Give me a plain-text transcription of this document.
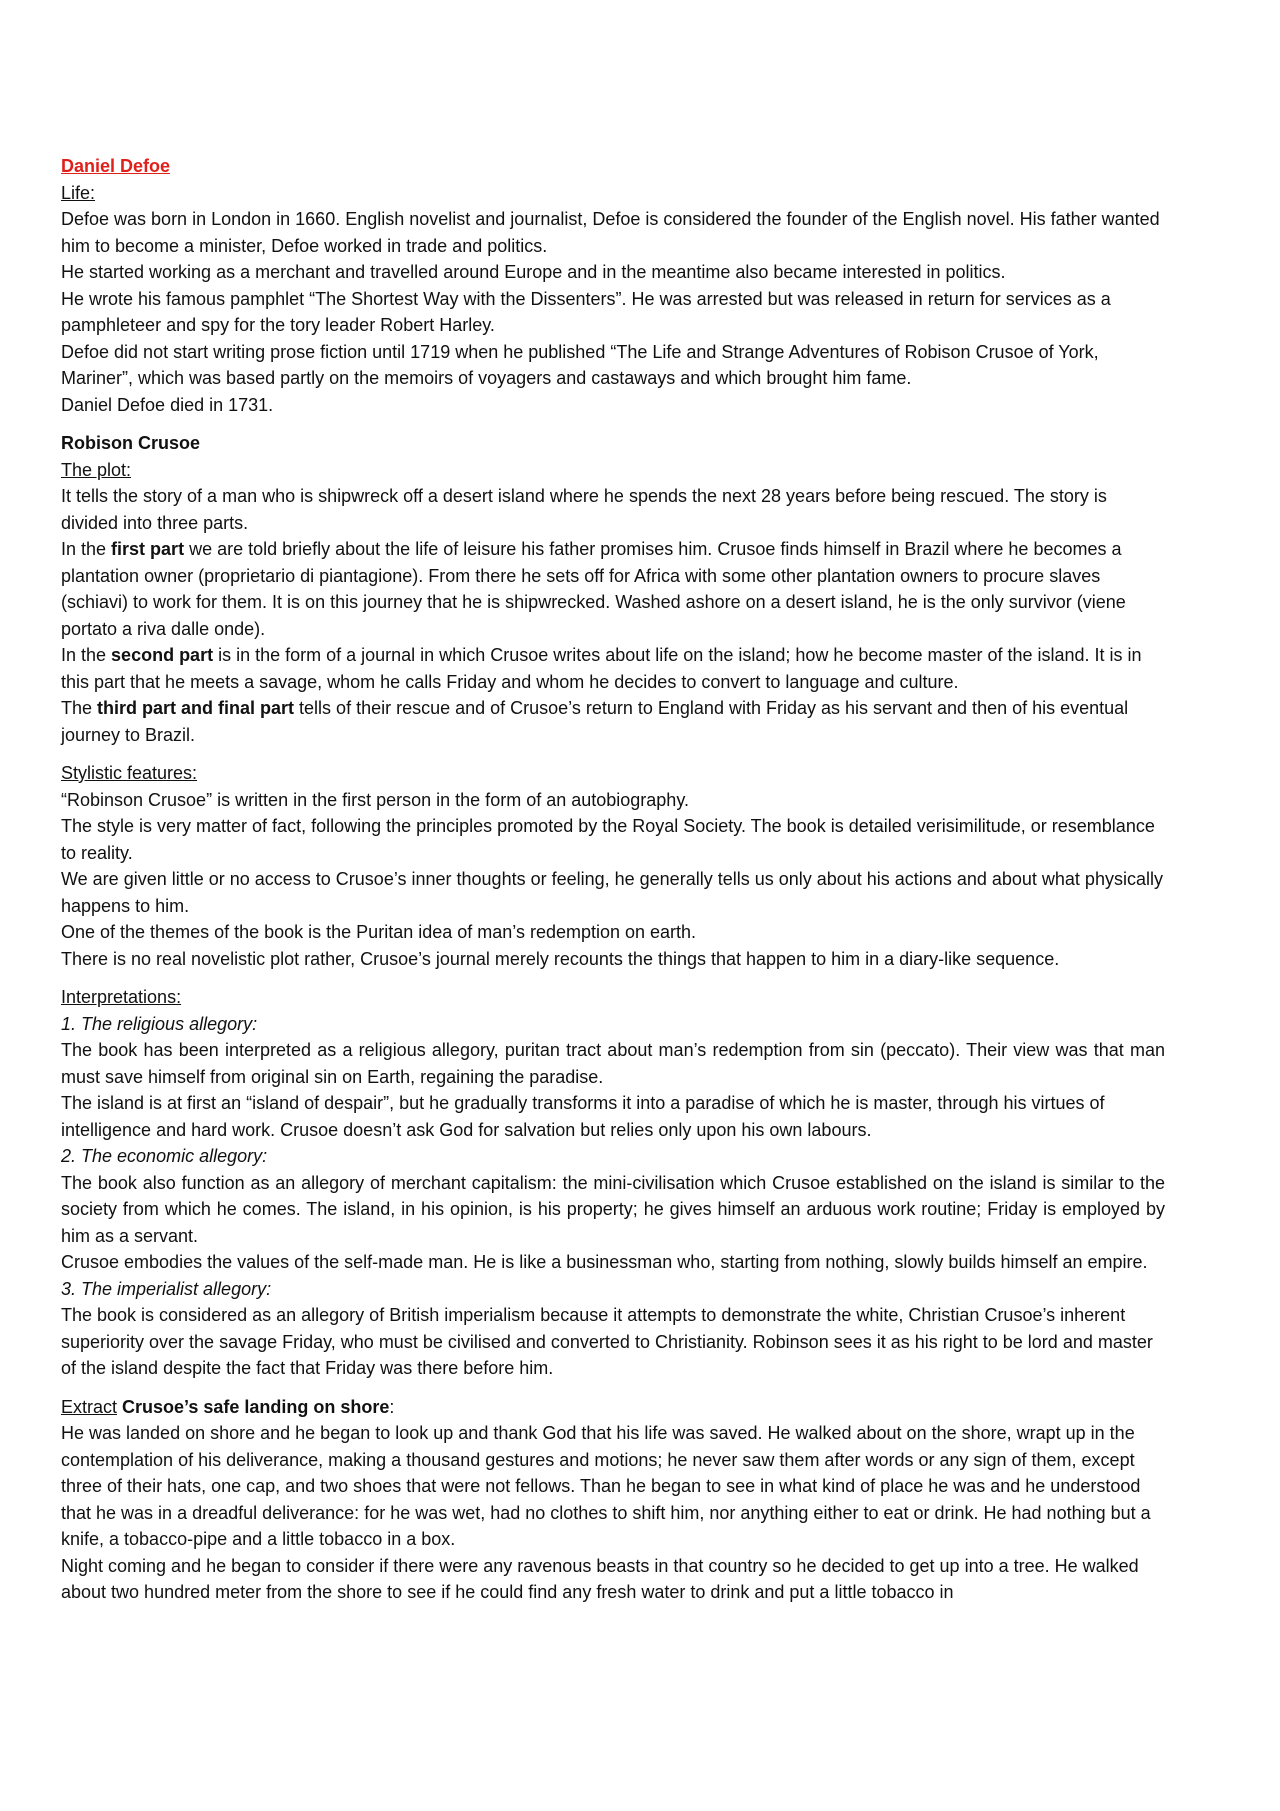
Daniel Defoe

Life:

Defoe was born in London in 1660. English novelist and journalist, Defoe is considered the founder of the English novel. His father wanted him to become a minister, Defoe worked in trade and politics.

He started working as a merchant and travelled around Europe and in the meantime also became interested in politics.

He wrote his famous pamphlet “The Shortest Way with the Dissenters”. He was arrested but was released in return for services as a pamphleteer and spy for the tory leader Robert Harley.

Defoe did not start writing prose fiction until 1719 when he published “The Life and Strange Adventures of Robison Crusoe of York, Mariner”, which was based partly on the memoirs of voyagers and castaways and which brought him fame.

Daniel Defoe died in 1731.

Robison Crusoe

The plot:

It tells the story of a man who is shipwreck off a desert island where he spends the next 28 years before being rescued. The story is divided into three parts.

In the first part we are told briefly about the life of leisure his father promises him. Crusoe finds himself in Brazil where he becomes a plantation owner (proprietario di piantagione). From there he sets off for Africa with some other plantation owners to procure slaves (schiavi) to work for them. It is on this journey that he is shipwrecked. Washed ashore on a desert island, he is the only survivor (viene portato a riva dalle onde).

In the second part is in the form of a journal in which Crusoe writes about life on the island; how he become master of the island. It is in this part that he meets a savage, whom he calls Friday and whom he decides to convert to language and culture.

The third part and final part tells of their rescue and of Crusoe’s return to England with Friday as his servant and then of his eventual journey to Brazil.

Stylistic features:

“Robinson Crusoe” is written in the first person in the form of an autobiography.

The style is very matter of fact, following the principles promoted by the Royal Society. The book is detailed verisimilitude, or resemblance to reality.

We are given little or no access to Crusoe’s inner thoughts or feeling, he generally tells us only about his actions and about what physically happens to him.

One of the themes of the book is the Puritan idea of man’s redemption on earth.

There is no real novelistic plot rather, Crusoe’s journal merely recounts the things that happen to him in a diary-like sequence.

Interpretations:

1. The religious allegory:

The book has been interpreted as a religious allegory, puritan tract about man’s redemption from sin (peccato). Their view was that man must save himself from original sin on Earth, regaining the paradise.

The island is at first an “island of despair”, but he gradually transforms it into a paradise of which he is master, through his virtues of intelligence and hard work. Crusoe doesn’t ask God for salvation but relies only upon his own labours.

2. The economic allegory:

The book also function as an allegory of merchant capitalism: the mini-civilisation which Crusoe established on the island is similar to the society from which he comes. The island, in his opinion, is his property; he gives himself an arduous work routine; Friday is employed by him as a servant.

Crusoe embodies the values of the self-made man. He is like a businessman who, starting from nothing, slowly builds himself an empire.

3. The imperialist allegory:

The book is considered as an allegory of British imperialism because it attempts to demonstrate the white, Christian Crusoe’s inherent superiority over the savage Friday, who must be civilised and converted to Christianity. Robinson sees it as his right to be lord and master of the island despite the fact that Friday was there before him.

Extract Crusoe’s safe landing on shore:

He was landed on shore and he began to look up and thank God that his life was saved. He walked about on the shore, wrapt up in the contemplation of his deliverance, making a thousand gestures and motions; he never saw them after words or any sign of them, except three of their hats, one cap, and two shoes that were not fellows. Than he began to see in what kind of place he was and he understood that he was in a dreadful deliverance: for he was wet, had no clothes to shift him, nor anything either to eat or drink. He had nothing but a knife, a tobacco-pipe and a little tobacco in a box.

Night coming and he began to consider if there were any ravenous beasts in that country so he decided to get up into a tree. He walked about two hundred meter from the shore to see if he could find any fresh water to drink and put a little tobacco in
